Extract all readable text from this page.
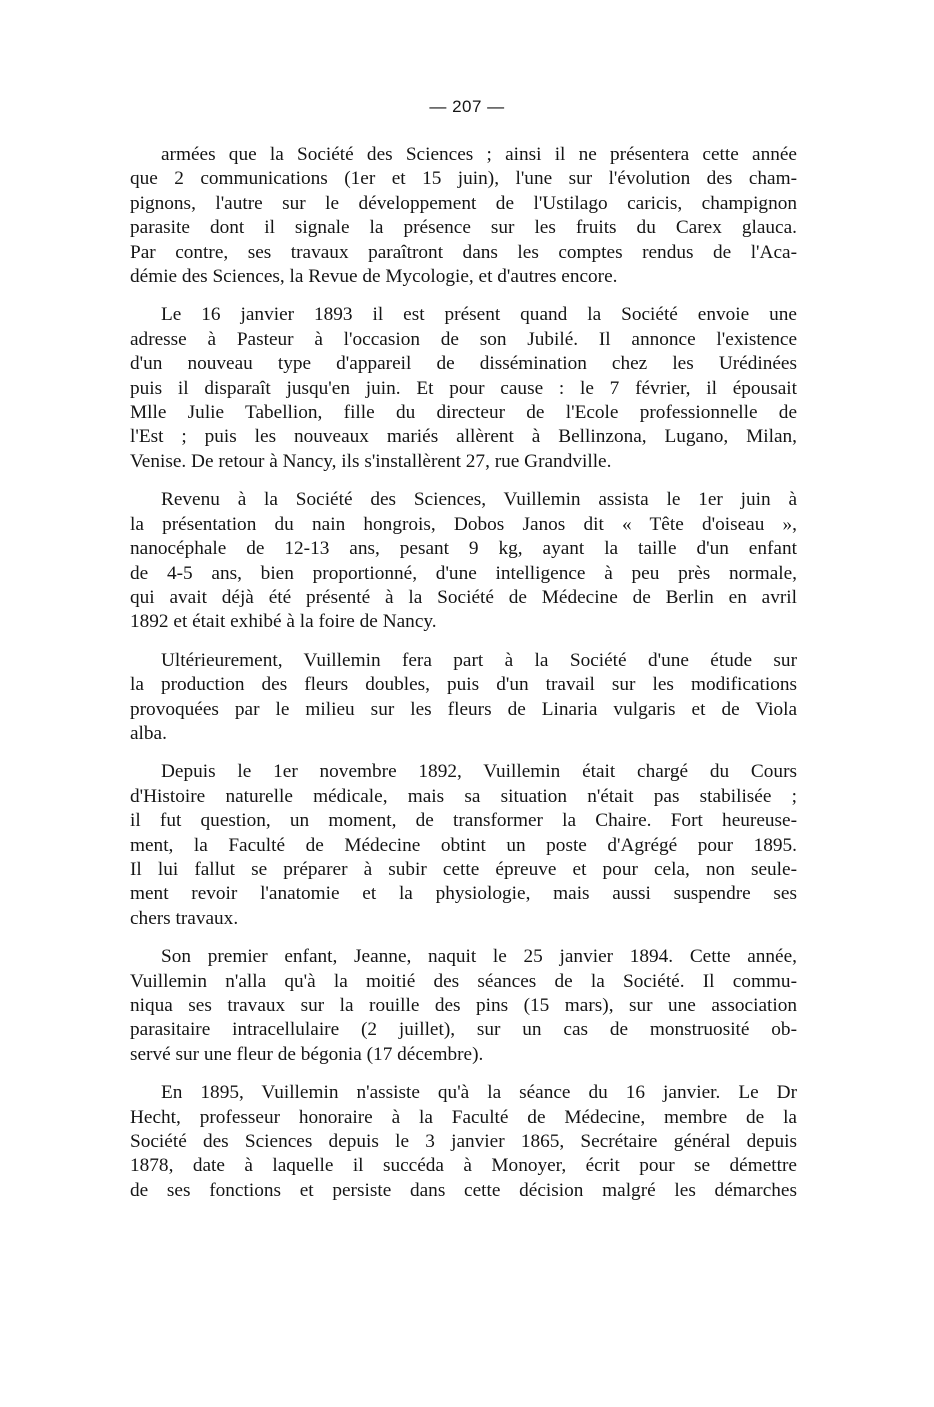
— 207 —

armées que la Société des Sciences ; ainsi il ne présentera cette année
que 2 communications (1er et 15 juin), l'une sur l'évolution des cham-
pignons, l'autre sur le développement de l'Ustilago caricis, champignon
parasite dont il signale la présence sur les fruits du Carex glauca.
Par contre, ses travaux paraîtront dans les comptes rendus de l'Aca-
démie des Sciences, la Revue de Mycologie, et d'autres encore.

Le 16 janvier 1893 il est présent quand la Société envoie une
adresse à Pasteur à l'occasion de son Jubilé. Il annonce l'existence
d'un nouveau type d'appareil de dissémination chez les Urédinées
puis il disparaît jusqu'en juin. Et pour cause : le 7 février, il épousait
Mlle Julie Tabellion, fille du directeur de l'Ecole professionnelle de
l'Est ; puis les nouveaux mariés allèrent à Bellinzona, Lugano, Milan,
Venise. De retour à Nancy, ils s'installèrent 27, rue Grandville.

Revenu à la Société des Sciences, Vuillemin assista le 1er juin à
la présentation du nain hongrois, Dobos Janos dit « Tête d'oiseau »,
nanocéphale de 12-13 ans, pesant 9 kg, ayant la taille d'un enfant
de 4-5 ans, bien proportionné, d'une intelligence à peu près normale,
qui avait déjà été présenté à la Société de Médecine de Berlin en avril
1892 et était exhibé à la foire de Nancy.

Ultérieurement, Vuillemin fera part à la Société d'une étude sur
la production des fleurs doubles, puis d'un travail sur les modifications
provoquées par le milieu sur les fleurs de Linaria vulgaris et de Viola
alba.

Depuis le 1er novembre 1892, Vuillemin était chargé du Cours
d'Histoire naturelle médicale, mais sa situation n'était pas stabilisée ;
il fut question, un moment, de transformer la Chaire. Fort heureuse-
ment, la Faculté de Médecine obtint un poste d'Agrégé pour 1895.
Il lui fallut se préparer à subir cette épreuve et pour cela, non seule-
ment revoir l'anatomie et la physiologie, mais aussi suspendre ses
chers travaux.

Son premier enfant, Jeanne, naquit le 25 janvier 1894. Cette année,
Vuillemin n'alla qu'à la moitié des séances de la Société. Il commu-
niqua ses travaux sur la rouille des pins (15 mars), sur une association
parasitaire intracellulaire (2 juillet), sur un cas de monstruosité ob-
servé sur une fleur de bégonia (17 décembre).

En 1895, Vuillemin n'assiste qu'à la séance du 16 janvier. Le Dr
Hecht, professeur honoraire à la Faculté de Médecine, membre de la
Société des Sciences depuis le 3 janvier 1865, Secrétaire général depuis
1878, date à laquelle il succéda à Monoyer, écrit pour se démettre
de ses fonctions et persiste dans cette décision malgré les démarches
